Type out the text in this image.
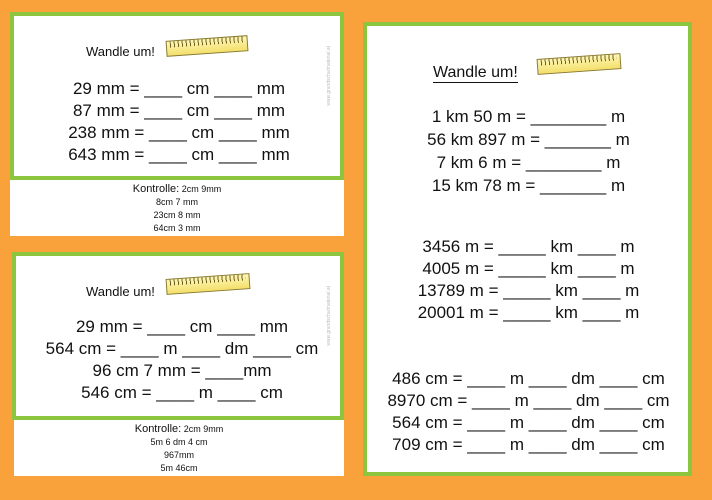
Wandle um!	www.grundschulmaterial.at
29 mm = ____ cm ____ mm
87 mm = ____ cm ____ mm
238 mm = ____ cm ____ mm
643 mm = ____ cm ____ mm
Kontrolle: 2cm 9mm
8cm 7 mm
23cm 8 mm
64cm 3 mm
Wandle um!	www.grundschulmaterial.at
29 mm = ____ cm ____ mm
564 cm = ____ m ____ dm ____ cm
96 cm 7 mm = ____mm
546 cm = ____ m ____ cm
Kontrolle: 2cm 9mm
5m 6 dm 4 cm
967mm
5m 46cm
Wandle um!
1 km 50 m = ________ m
56 km 897 m = _______ m
7 km 6 m = ________ m
15 km 78 m = _______ m
3456 m = _____ km ____ m
4005 m = _____ km ____ m
13789 m = _____ km ____ m
20001 m = _____ km ____ m
486 cm = ____ m ____ dm ____ cm
8970 cm = ____ m ____ dm ____ cm
564 cm = ____ m ____ dm ____ cm
709 cm = ____ m ____ dm ____ cm
